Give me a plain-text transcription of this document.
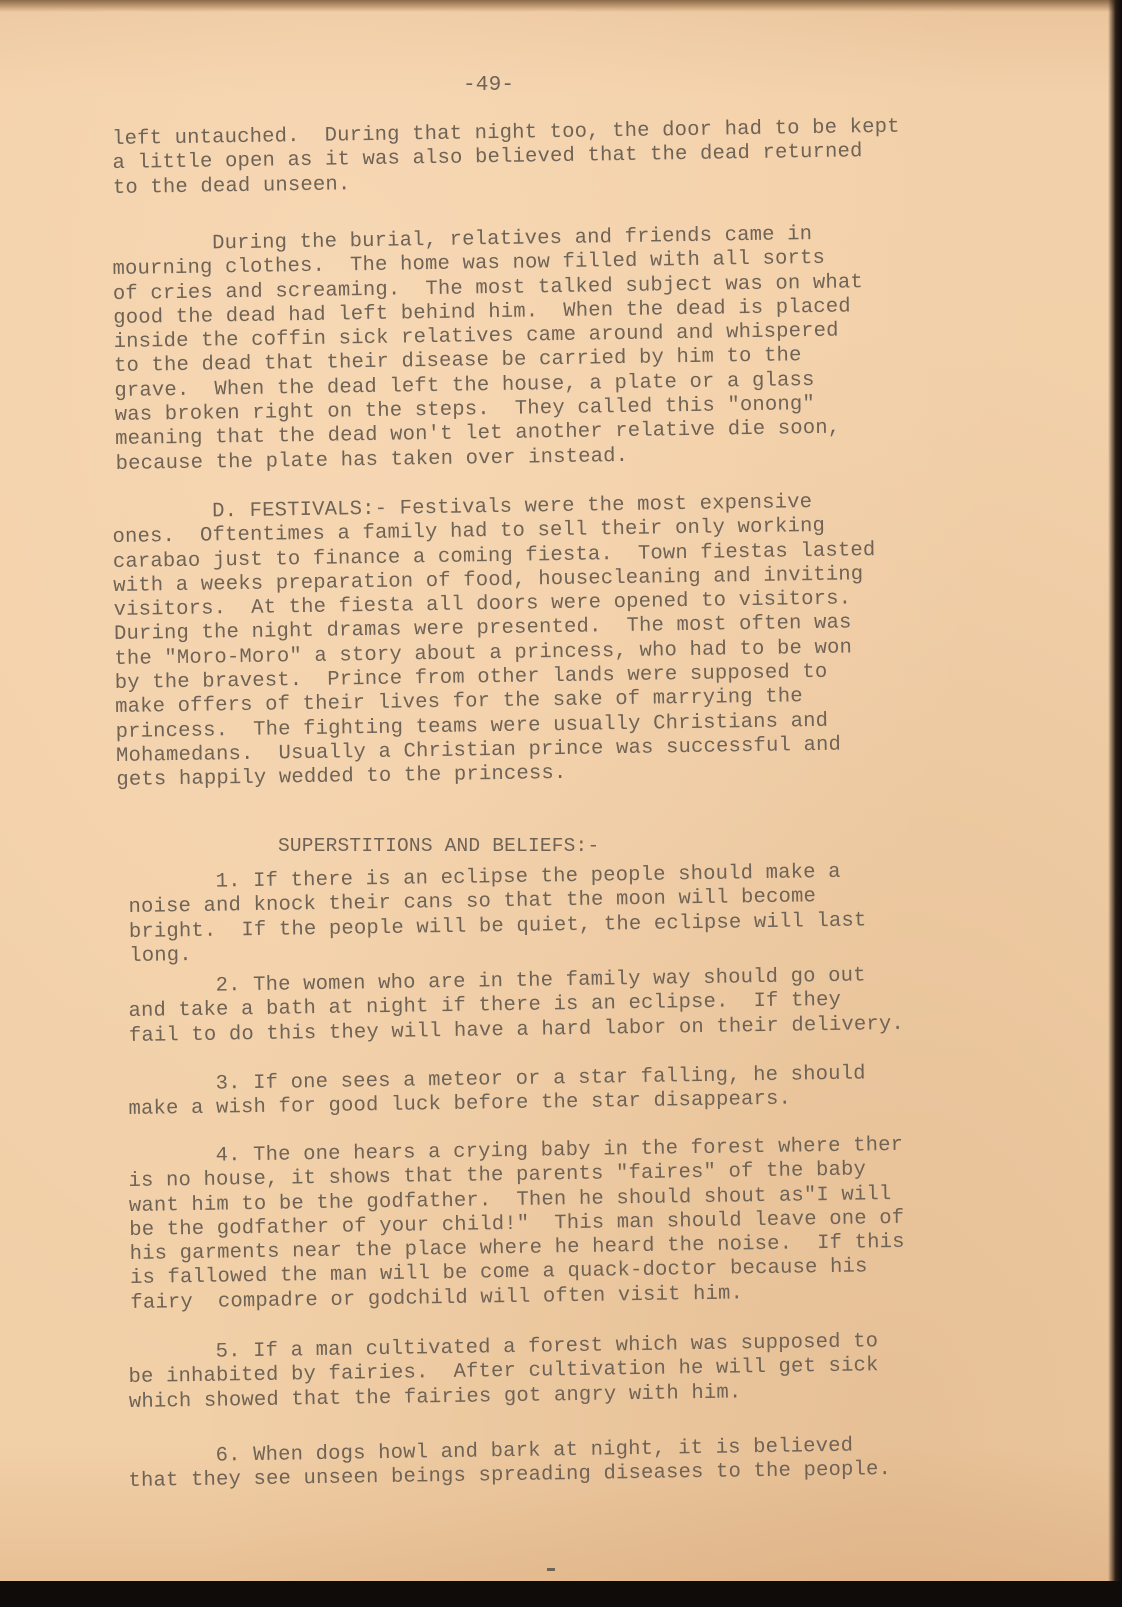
-49-
left untauched.  During that night too, the door had to be kept
a little open as it was also believed that the dead returned
to the dead unseen.
During the burial, relatives and friends came in
mourning clothes.  The home was now filled with all sorts
of cries and screaming.  The most talked subject was on what
good the dead had left behind him.  When the dead is placed
inside the coffin sick relatives came around and whispered
to the dead that their disease be carried by him to the
grave.  When the dead left the house, a plate or a glass
was broken right on the steps.  They called this "onong"
meaning that the dead won't let another relative die soon,
because the plate has taken over instead.
D. FESTIVALS:- Festivals were the most expensive
ones.  Oftentimes a family had to sell their only working
carabao just to finance a coming fiesta.  Town fiestas lasted
with a weeks preparation of food, housecleaning and inviting
visitors.  At the fiesta all doors were opened to visitors.
During the night dramas were presented.  The most often was
the "Moro-Moro" a story about a princess, who had to be won
by the bravest.  Prince from other lands were supposed to
make offers of their lives for the sake of marrying the
princess.  The fighting teams were usually Christians and
Mohamedans.  Usually a Christian prince was successful and
gets happily wedded to the princess.
SUPERSTITIONS AND BELIEFS:-
1. If there is an eclipse the people should make a
noise and knock their cans so that the moon will become
bright.  If the people will be quiet, the eclipse will last
long.
2. The women who are in the family way should go out
and take a bath at night if there is an eclipse.  If they
fail to do this they will have a hard labor on their delivery.
3. If one sees a meteor or a star falling, he should
make a wish for good luck before the star disappears.
4. The one hears a crying baby in the forest where ther
is no house, it shows that the parents "faires" of the baby
want him to be the godfather.  Then he should shout as"I will
be the godfather of your child!"  This man should leave one of
his garments near the place where he heard the noise.  If this
is fallowed the man will be come a quack-doctor because his
fairy  compadre or godchild will often visit him.
5. If a man cultivated a forest which was supposed to
be inhabited by fairies.  After cultivation he will get sick
which showed that the fairies got angry with him.
6. When dogs howl and bark at night, it is believed
that they see unseen beings spreading diseases to the people.
